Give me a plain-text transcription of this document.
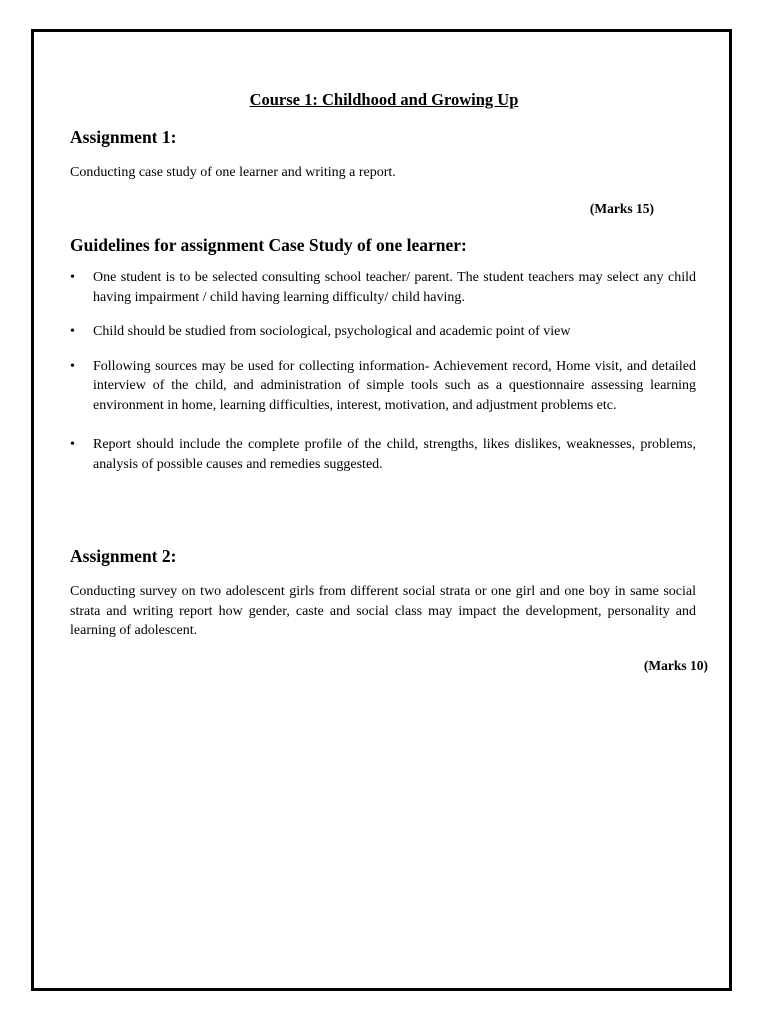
Course 1: Childhood and Growing Up
Assignment 1:
Conducting case study of one learner and writing a report.
(Marks 15)
Guidelines for assignment Case Study of one learner:
• One student is to be selected consulting school teacher/ parent. The student teachers may select any child having impairment / child having learning difficulty/ child having.
• Child should be studied from sociological, psychological and academic point of view
• Following sources may be used for collecting information- Achievement record, Home visit, and detailed interview of the child, and administration of simple tools such as a questionnaire assessing learning environment in home, learning difficulties, interest, motivation, and adjustment problems etc.
• Report should include the complete profile of the child, strengths, likes dislikes, weaknesses, problems, analysis of possible causes and remedies suggested.
Assignment 2:
Conducting survey on two adolescent girls from different social strata or one girl and one boy in same social strata and writing report how gender, caste and social class may impact the development, personality and learning of adolescent.
(Marks 10)
